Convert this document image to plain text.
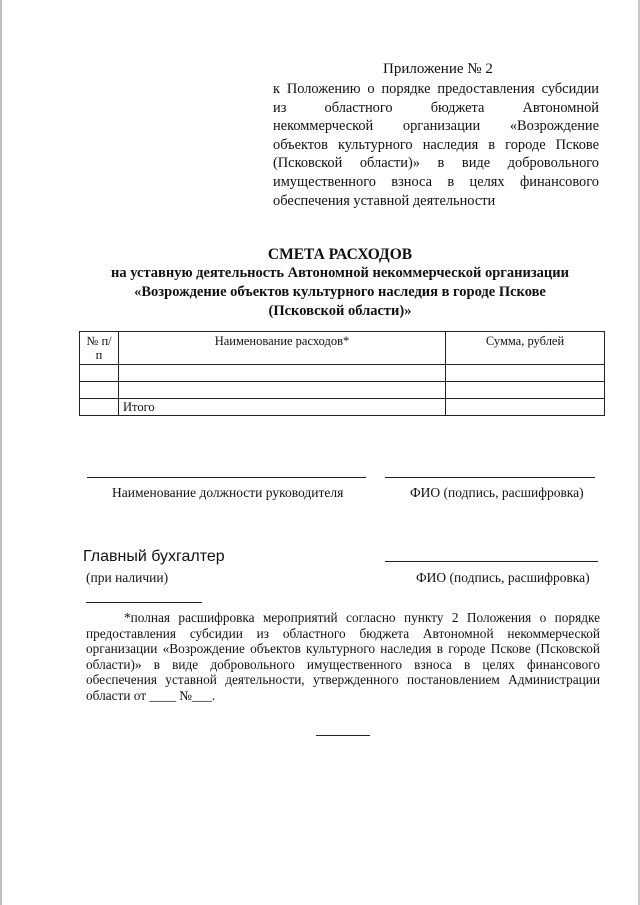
Приложение № 2
к Положению о порядке предоставления субсидии из областного бюджета Автономной некоммерческой организации «Возрождение объектов культурного наследия в городе Пскове (Псковской области)» в виде добровольного имущественного взноса в целях финансового обеспечения уставной деятельности
СМЕТА РАСХОДОВ
на уставную деятельность Автономной некоммерческой организации
«Возрождение объектов культурного наследия в городе Пскове
(Псковской области)»
№ п/п	Наименование расходов*	Сумма, рублей

	Итого	
Наименование должности руководителя	ФИО (подпись, расшифровка)
Главный бухгалтер
(при наличии)	ФИО (подпись, расшифровка)
*полная расшифровка мероприятий согласно пункту 2 Положения о порядке предоставления субсидии из областного бюджета Автономной некоммерческой организации «Возрождение объектов культурного наследия в городе Пскове (Псковской области)» в виде добровольного имущественного взноса в целях финансового обеспечения уставной деятельности, утвержденного постановлением Администрации области от ____ №___.
